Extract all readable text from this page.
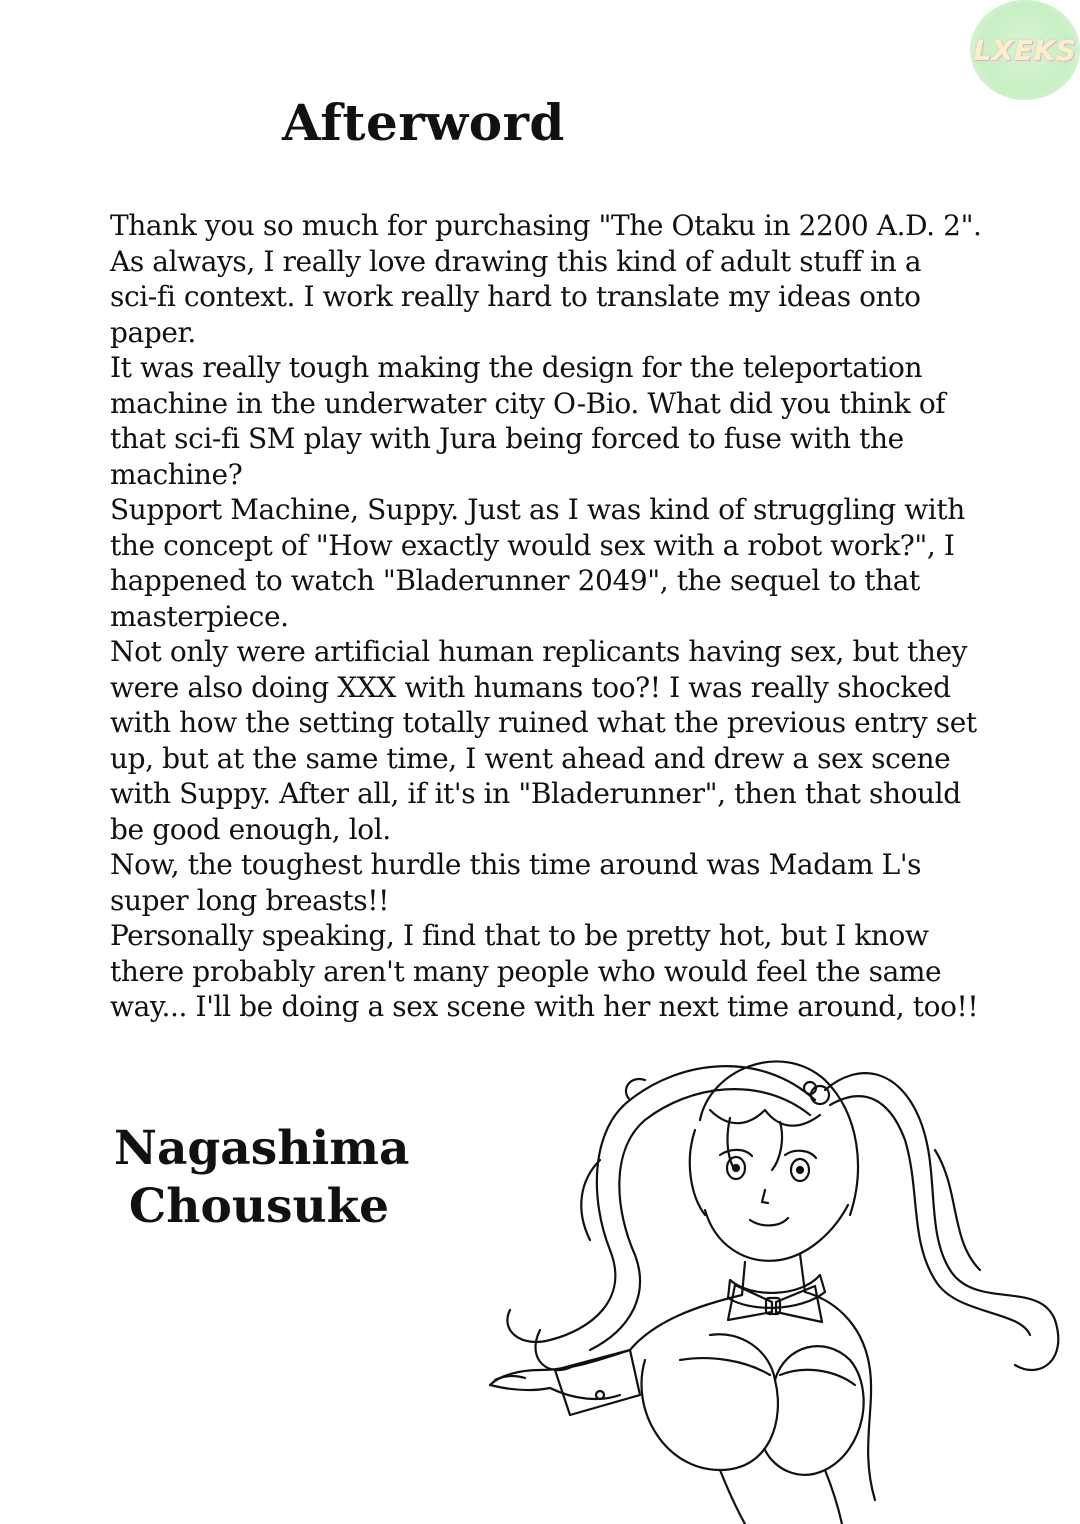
LXEKS
Afterword
Thank you so much for purchasing "The Otaku in 2200 A.D. 2".
As always, I really love drawing this kind of adult stuff in a
sci-fi context. I work really hard to translate my ideas onto
paper.
It was really tough making the design for the teleportation
machine in the underwater city O-Bio. What did you think of
that sci-fi SM play with Jura being forced to fuse with the
machine?
Support Machine, Suppy. Just as I was kind of struggling with
the concept of "How exactly would sex with a robot work?", I
happened to watch "Bladerunner 2049", the sequel to that
masterpiece.
Not only were artificial human replicants having sex, but they
were also doing XXX with humans too?! I was really shocked
with how the setting totally ruined what the previous entry set
up, but at the same time, I went ahead and drew a sex scene
with Suppy. After all, if it's in "Bladerunner", then that should
be good enough, lol.
Now, the toughest hurdle this time around was Madam L's
super long breasts!!
Personally speaking, I find that to be pretty hot, but I know
there probably aren't many people who would feel the same
way... I'll be doing a sex scene with her next time around, too!!
Nagashima
Chousuke
